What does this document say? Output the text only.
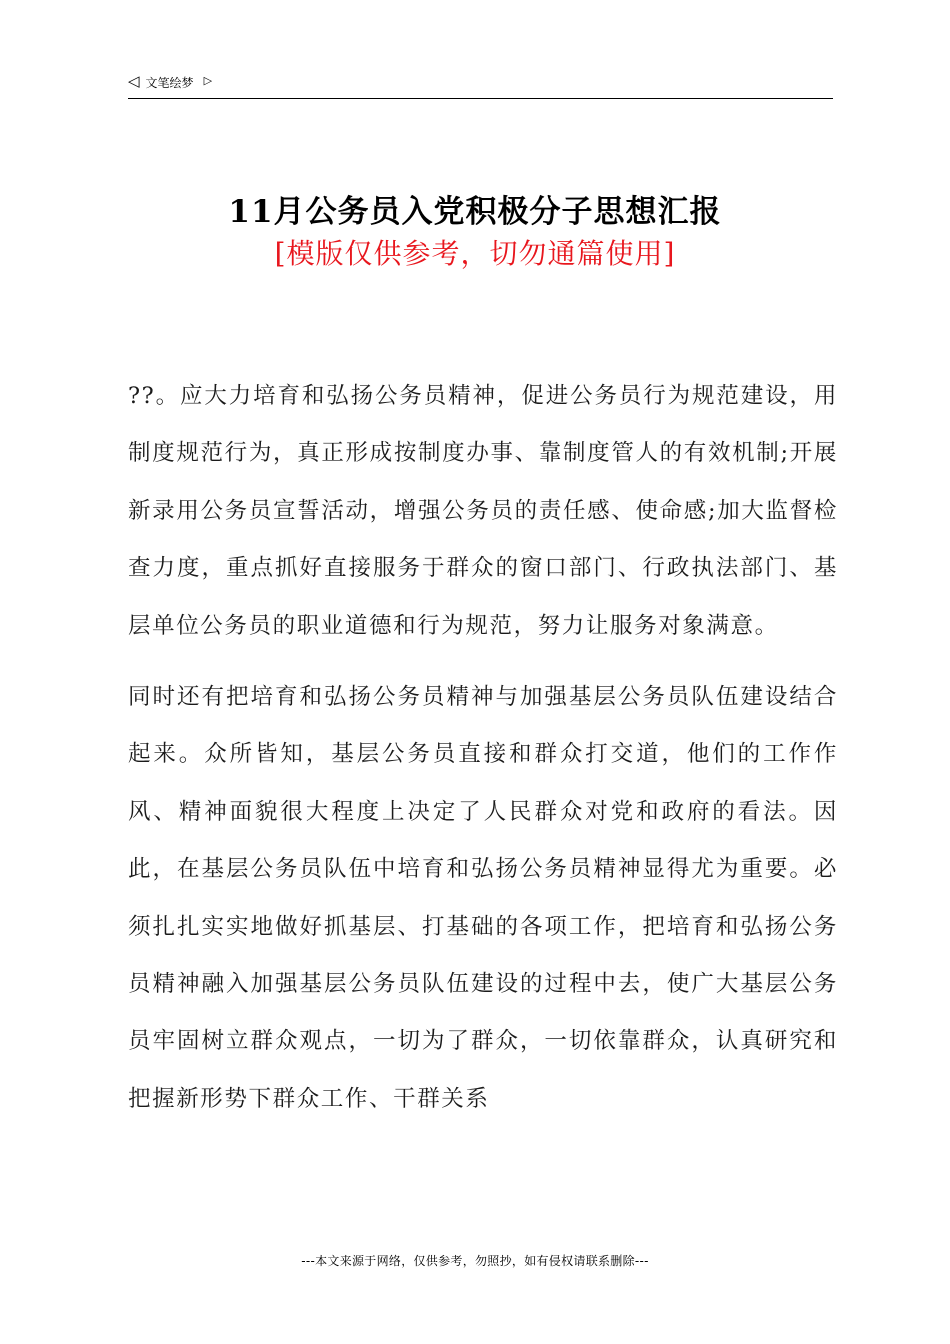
◁ 文笔绘梦 ▷
11月公务员入党积极分子思想汇报

[模版仅供参考，切勿通篇使用]

??。应大力培育和弘扬公务员精神，促进公务员行为规范建设，用制度规范行为，真正形成按制度办事、靠制度管人的有效机制;开展新录用公务员宣誓活动，增强公务员的责任感、使命感;加大监督检查力度，重点抓好直接服务于群众的窗口部门、行政执法部门、基层单位公务员的职业道德和行为规范，努力让服务对象满意。

同时还有把培育和弘扬公务员精神与加强基层公务员队伍建设结合起来。众所皆知，基层公务员直接和群众打交道，他们的工作作风、精神面貌很大程度上决定了人民群众对党和政府的看法。因此，在基层公务员队伍中培育和弘扬公务员精神显得尤为重要。必须扎扎实实地做好抓基层、打基础的各项工作，把培育和弘扬公务员精神融入加强基层公务员队伍建设的过程中去，使广大基层公务员牢固树立群众观点，一切为了群众，一切依靠群众，认真研究和把握新形势下群众工作、干群关系

---本文来源于网络，仅供参考，勿照抄，如有侵权请联系删除---
